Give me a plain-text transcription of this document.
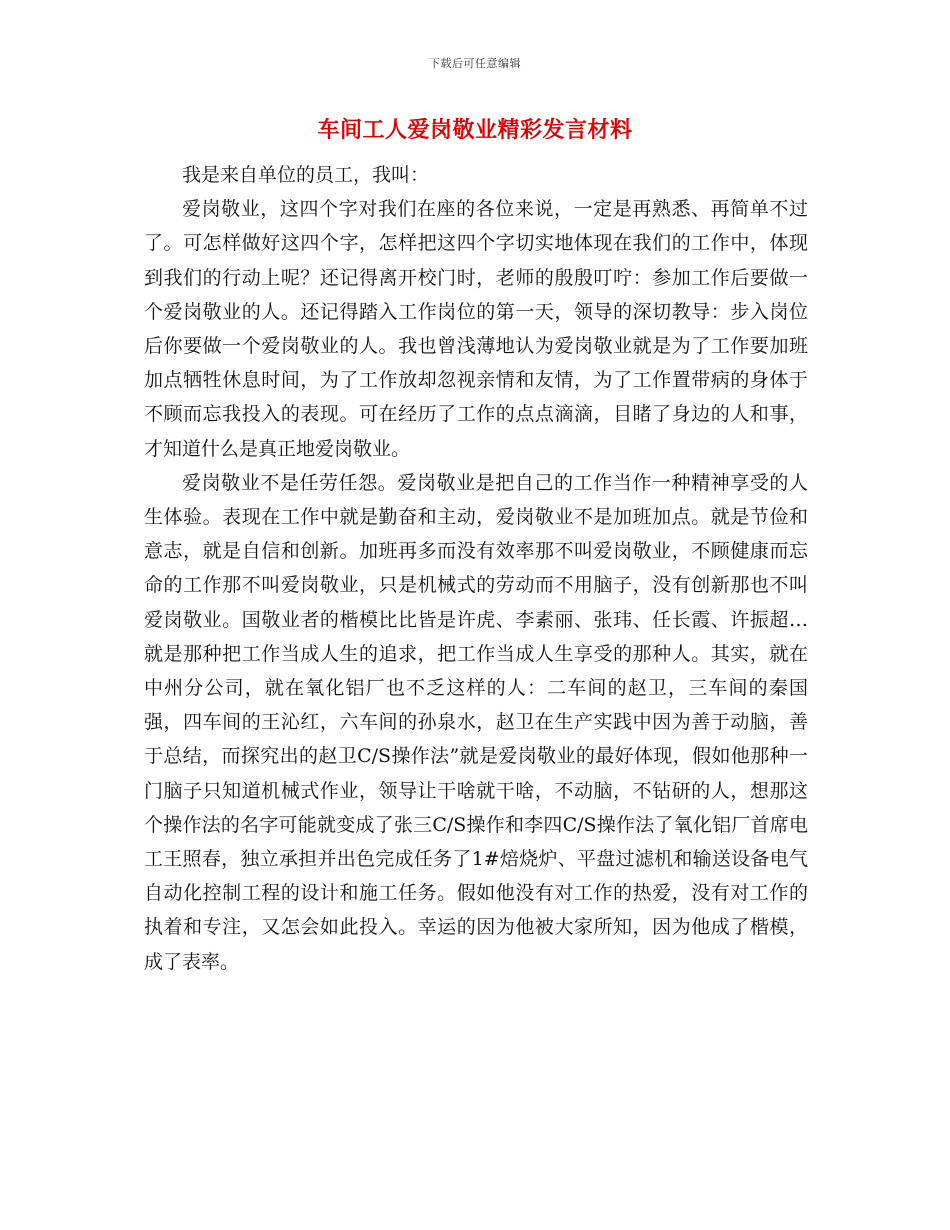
下载后可任意编辑
车间工人爱岗敬业精彩发言材料

我是来自单位的员工，我叫：

爱岗敬业，这四个字对我们在座的各位来说，一定是再熟悉、再简单不过了。可怎样做好这四个字，怎样把这四个字切实地体现在我们的工作中，体现到我们的行动上呢？还记得离开校门时，老师的殷殷叮咛：参加工作后要做一个爱岗敬业的人。还记得踏入工作岗位的第一天，领导的深切教导：步入岗位后你要做一个爱岗敬业的人。我也曾浅薄地认为爱岗敬业就是为了工作要加班加点牺牲休息时间，为了工作放却忽视亲情和友情，为了工作置带病的身体于不顾而忘我投入的表现。可在经历了工作的点点滴滴，目睹了身边的人和事，才知道什么是真正地爱岗敬业。

爱岗敬业不是任劳任怨。爱岗敬业是把自己的工作当作一种精神享受的人生体验。表现在工作中就是勤奋和主动，爱岗敬业不是加班加点。就是节俭和意志，就是自信和创新。加班再多而没有效率那不叫爱岗敬业，不顾健康而忘命的工作那不叫爱岗敬业，只是机械式的劳动而不用脑子，没有创新那也不叫爱岗敬业。国敬业者的楷模比比皆是许虎、李素丽、张玮、任长霞、许振超…就是那种把工作当成人生的追求，把工作当成人生享受的那种人。其实，就在中州分公司，就在氧化铝厂也不乏这样的人：二车间的赵卫，三车间的秦国强，四车间的王沁红，六车间的孙泉水，赵卫在生产实践中因为善于动脑，善于总结，而探究出的赵卫C/S操作法”就是爱岗敬业的最好体现，假如他那种一门脑子只知道机械式作业，领导让干啥就干啥，不动脑，不钻研的人，想那这个操作法的名字可能就变成了张三C/S操作和李四C/S操作法了氧化铝厂首席电工王照春，独立承担并出色完成任务了1#焙烧炉、平盘过滤机和输送设备电气自动化控制工程的设计和施工任务。假如他没有对工作的热爱，没有对工作的执着和专注，又怎会如此投入。幸运的因为他被大家所知，因为他成了楷模，成了表率。
